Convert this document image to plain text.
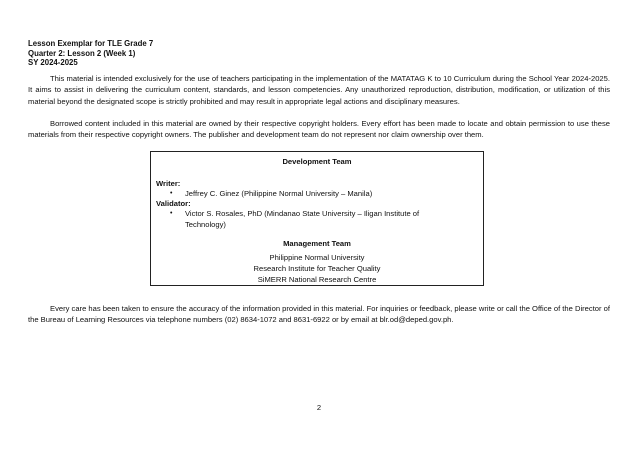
Lesson Exemplar for TLE Grade 7
Quarter 2: Lesson 2 (Week 1)
SY 2024-2025

This material is intended exclusively for the use of teachers participating in the implementation of the MATATAG K to 10 Curriculum during the School Year 2024-2025. It aims to assist in delivering the curriculum content, standards, and lesson competencies. Any unauthorized reproduction, distribution, modification, or utilization of this material beyond the designated scope is strictly prohibited and may result in appropriate legal actions and disciplinary measures.

Borrowed content included in this material are owned by their respective copyright holders. Every effort has been made to locate and obtain permission to use these materials from their respective copyright owners. The publisher and development team do not represent nor claim ownership over them.

Development Team
Writer:
•	Jeffrey C. Ginez (Philippine Normal University – Manila)
Validator:
•	Victor S. Rosales, PhD (Mindanao State University – Iligan Institute of Technology)
Management Team
Philippine Normal University
Research Institute for Teacher Quality
SiMERR National Research Centre

Every care has been taken to ensure the accuracy of the information provided in this material. For inquiries or feedback, please write or call the Office of the Director of the Bureau of Learning Resources via telephone numbers (02) 8634-1072 and 8631-6922 or by email at blr.od@deped.gov.ph.

2
